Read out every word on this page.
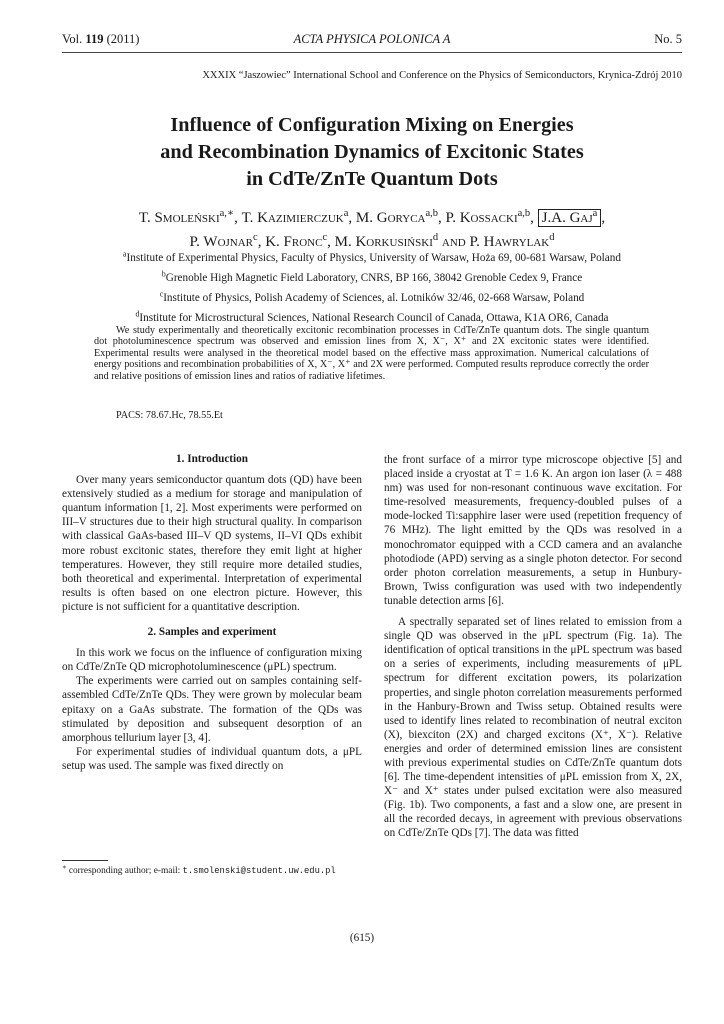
Vol. 119 (2011)	ACTA PHYSICA POLONICA A	No. 5
XXXIX “Jaszowiec” International School and Conference on the Physics of Semiconductors, Krynica-Zdrój 2010
Influence of Configuration Mixing on Energies
and Recombination Dynamics of Excitonic States
in CdTe/ZnTe Quantum Dots
T. Smoleński$^{a,∗}$, T. Kazimierczuk$^a$, M. Goryca$^{a,b}$, P. Kossacki$^{a,b}$, J.A. Gaj$^a$ ,
P. Wojnar$^c$, K. Fronc$^c$, M. Korkusiński$^d$ and P. Hawrylak$^d$
$^a$Institute of Experimental Physics, Faculty of Physics, University of Warsaw, Hoża 69, 00-681 Warsaw, Poland
$^b$Grenoble High Magnetic Field Laboratory, CNRS, BP 166, 38042 Grenoble Cedex 9, France
$^c$Institute of Physics, Polish Academy of Sciences, al. Lotników 32/46, 02-668 Warsaw, Poland
$^d$Institute for Microstructural Sciences, National Research Council of Canada, Ottawa, K1A OR6, Canada
We study experimentally and theoretically excitonic recombination processes in CdTe/ZnTe quantum dots. The single quantum dot photoluminescence spectrum was observed and emission lines from X, X⁻, X⁺ and 2X excitonic states were identified. Experimental results were analysed in the theoretical model based on the effective mass approximation. Numerical calculations of energy positions and recombination probabilities of X, X⁻, X⁺ and 2X were performed. Computed results reproduce correctly the order and relative positions of emission lines and ratios of radiative lifetimes.
PACS: 78.67.Hc, 78.55.Et

1. Introduction

Over many years semiconductor quantum dots (QD) have been extensively studied as a medium for storage and manipulation of quantum information [1, 2]. Most experiments were performed on III–V structures due to their high structural quality. In comparison with classical GaAs-based III–V QD systems, II–VI QDs exhibit more robust excitonic states, therefore they emit light at higher temperatures. However, they still require more detailed studies, both theoretical and experimental. Interpretation of experimental results is often based on one electron picture. However, this picture is not sufficient for a quantitative description.

2. Samples and experiment

In this work we focus on the influence of configuration mixing on CdTe/ZnTe QD microphotoluminescence (μPL) spectrum.

The experiments were carried out on samples containing self-assembled CdTe/ZnTe QDs. They were grown by molecular beam epitaxy on a GaAs substrate. The formation of the QDs was stimulated by deposition and subsequent desorption of an amorphous tellurium layer [3, 4].

For experimental studies of individual quantum dots, a μPL setup was used. The sample was fixed directly on

the front surface of a mirror type microscope objective [5] and placed inside a cryostat at T = 1.6 K. An argon ion laser (λ = 488 nm) was used for non-resonant continuous wave excitation. For time-resolved measurements, frequency-doubled pulses of a mode-locked Ti:sapphire laser were used (repetition frequency of 76 MHz). The light emitted by the QDs was resolved in a monochromator equipped with a CCD camera and an avalanche photodiode (APD) serving as a single photon detector. For second order photon correlation measurements, a setup in Hunbury-Brown, Twiss configuration was used with two independently tunable detection arms [6].

A spectrally separated set of lines related to emission from a single QD was observed in the μPL spectrum (Fig. 1a). The identification of optical transitions in the μPL spectrum was based on a series of experiments, including measurements of μPL spectrum for different excitation powers, its polarization properties, and single photon correlation measurements performed in the Hanbury-Brown and Twiss setup. Obtained results were used to identify lines related to recombination of neutral exciton (X), biexciton (2X) and charged excitons (X⁺, X⁻). Relative energies and order of determined emission lines are consistent with previous experimental studies on CdTe/ZnTe quantum dots [6]. The time-dependent intensities of μPL emission from X, 2X, X⁻ and X⁺ states under pulsed excitation were also measured (Fig. 1b). Two components, a fast and a slow one, are present in all the recorded decays, in agreement with previous observations on CdTe/ZnTe QDs [7]. The data was fitted

∗ corresponding author; e-mail: t.smolenski@student.uw.edu.pl
(615)
